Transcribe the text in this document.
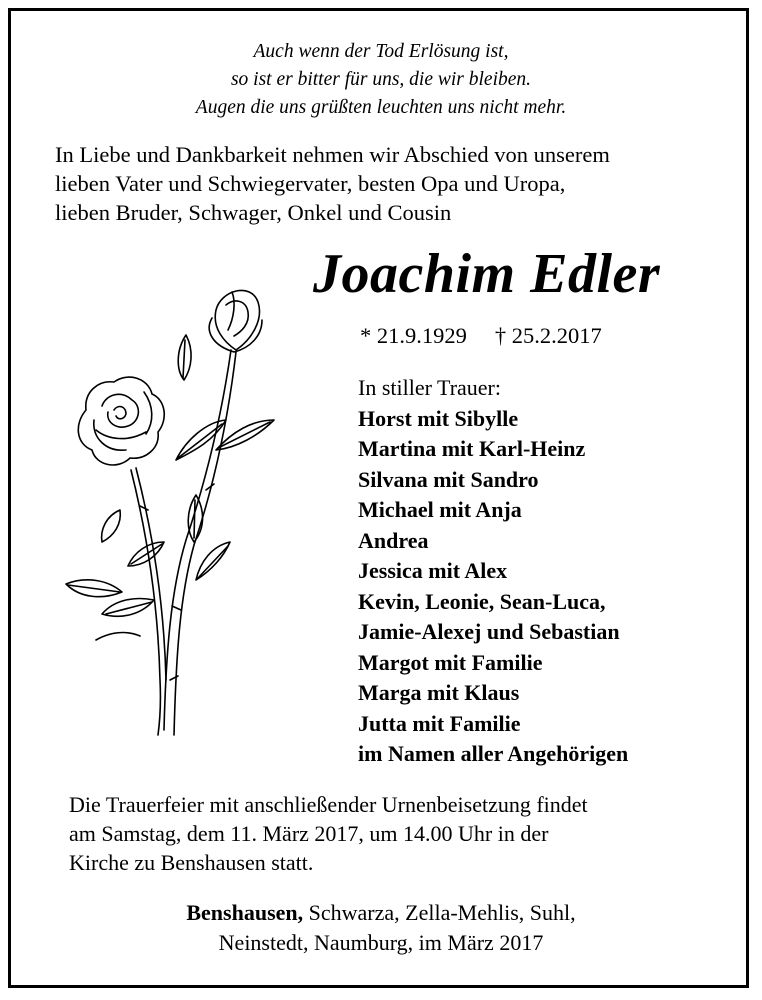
Auch wenn der Tod Erlösung ist,
so ist er bitter für uns, die wir bleiben.
Augen die uns grüßten leuchten uns nicht mehr.
In Liebe und Dankbarkeit nehmen wir Abschied von unserem
lieben Vater und Schwiegervater, besten Opa und Uropa,
lieben Bruder, Schwager, Onkel und Cousin
Joachim Edler
* 21.9.1929 † 25.2.2017
In stiller Trauer:
Horst mit Sibylle
Martina mit Karl-Heinz
Silvana mit Sandro
Michael mit Anja
Andrea
Jessica mit Alex
Kevin, Leonie, Sean-Luca,
Jamie-Alexej und Sebastian
Margot mit Familie
Marga mit Klaus
Jutta mit Familie
im Namen aller Angehörigen
Die Trauerfeier mit anschließender Urnenbeisetzung findet
am Samstag, dem 11. März 2017, um 14.00 Uhr in der
Kirche zu Benshausen statt.
Benshausen, Schwarza, Zella-Mehlis, Suhl,
Neinstedt, Naumburg, im März 2017
